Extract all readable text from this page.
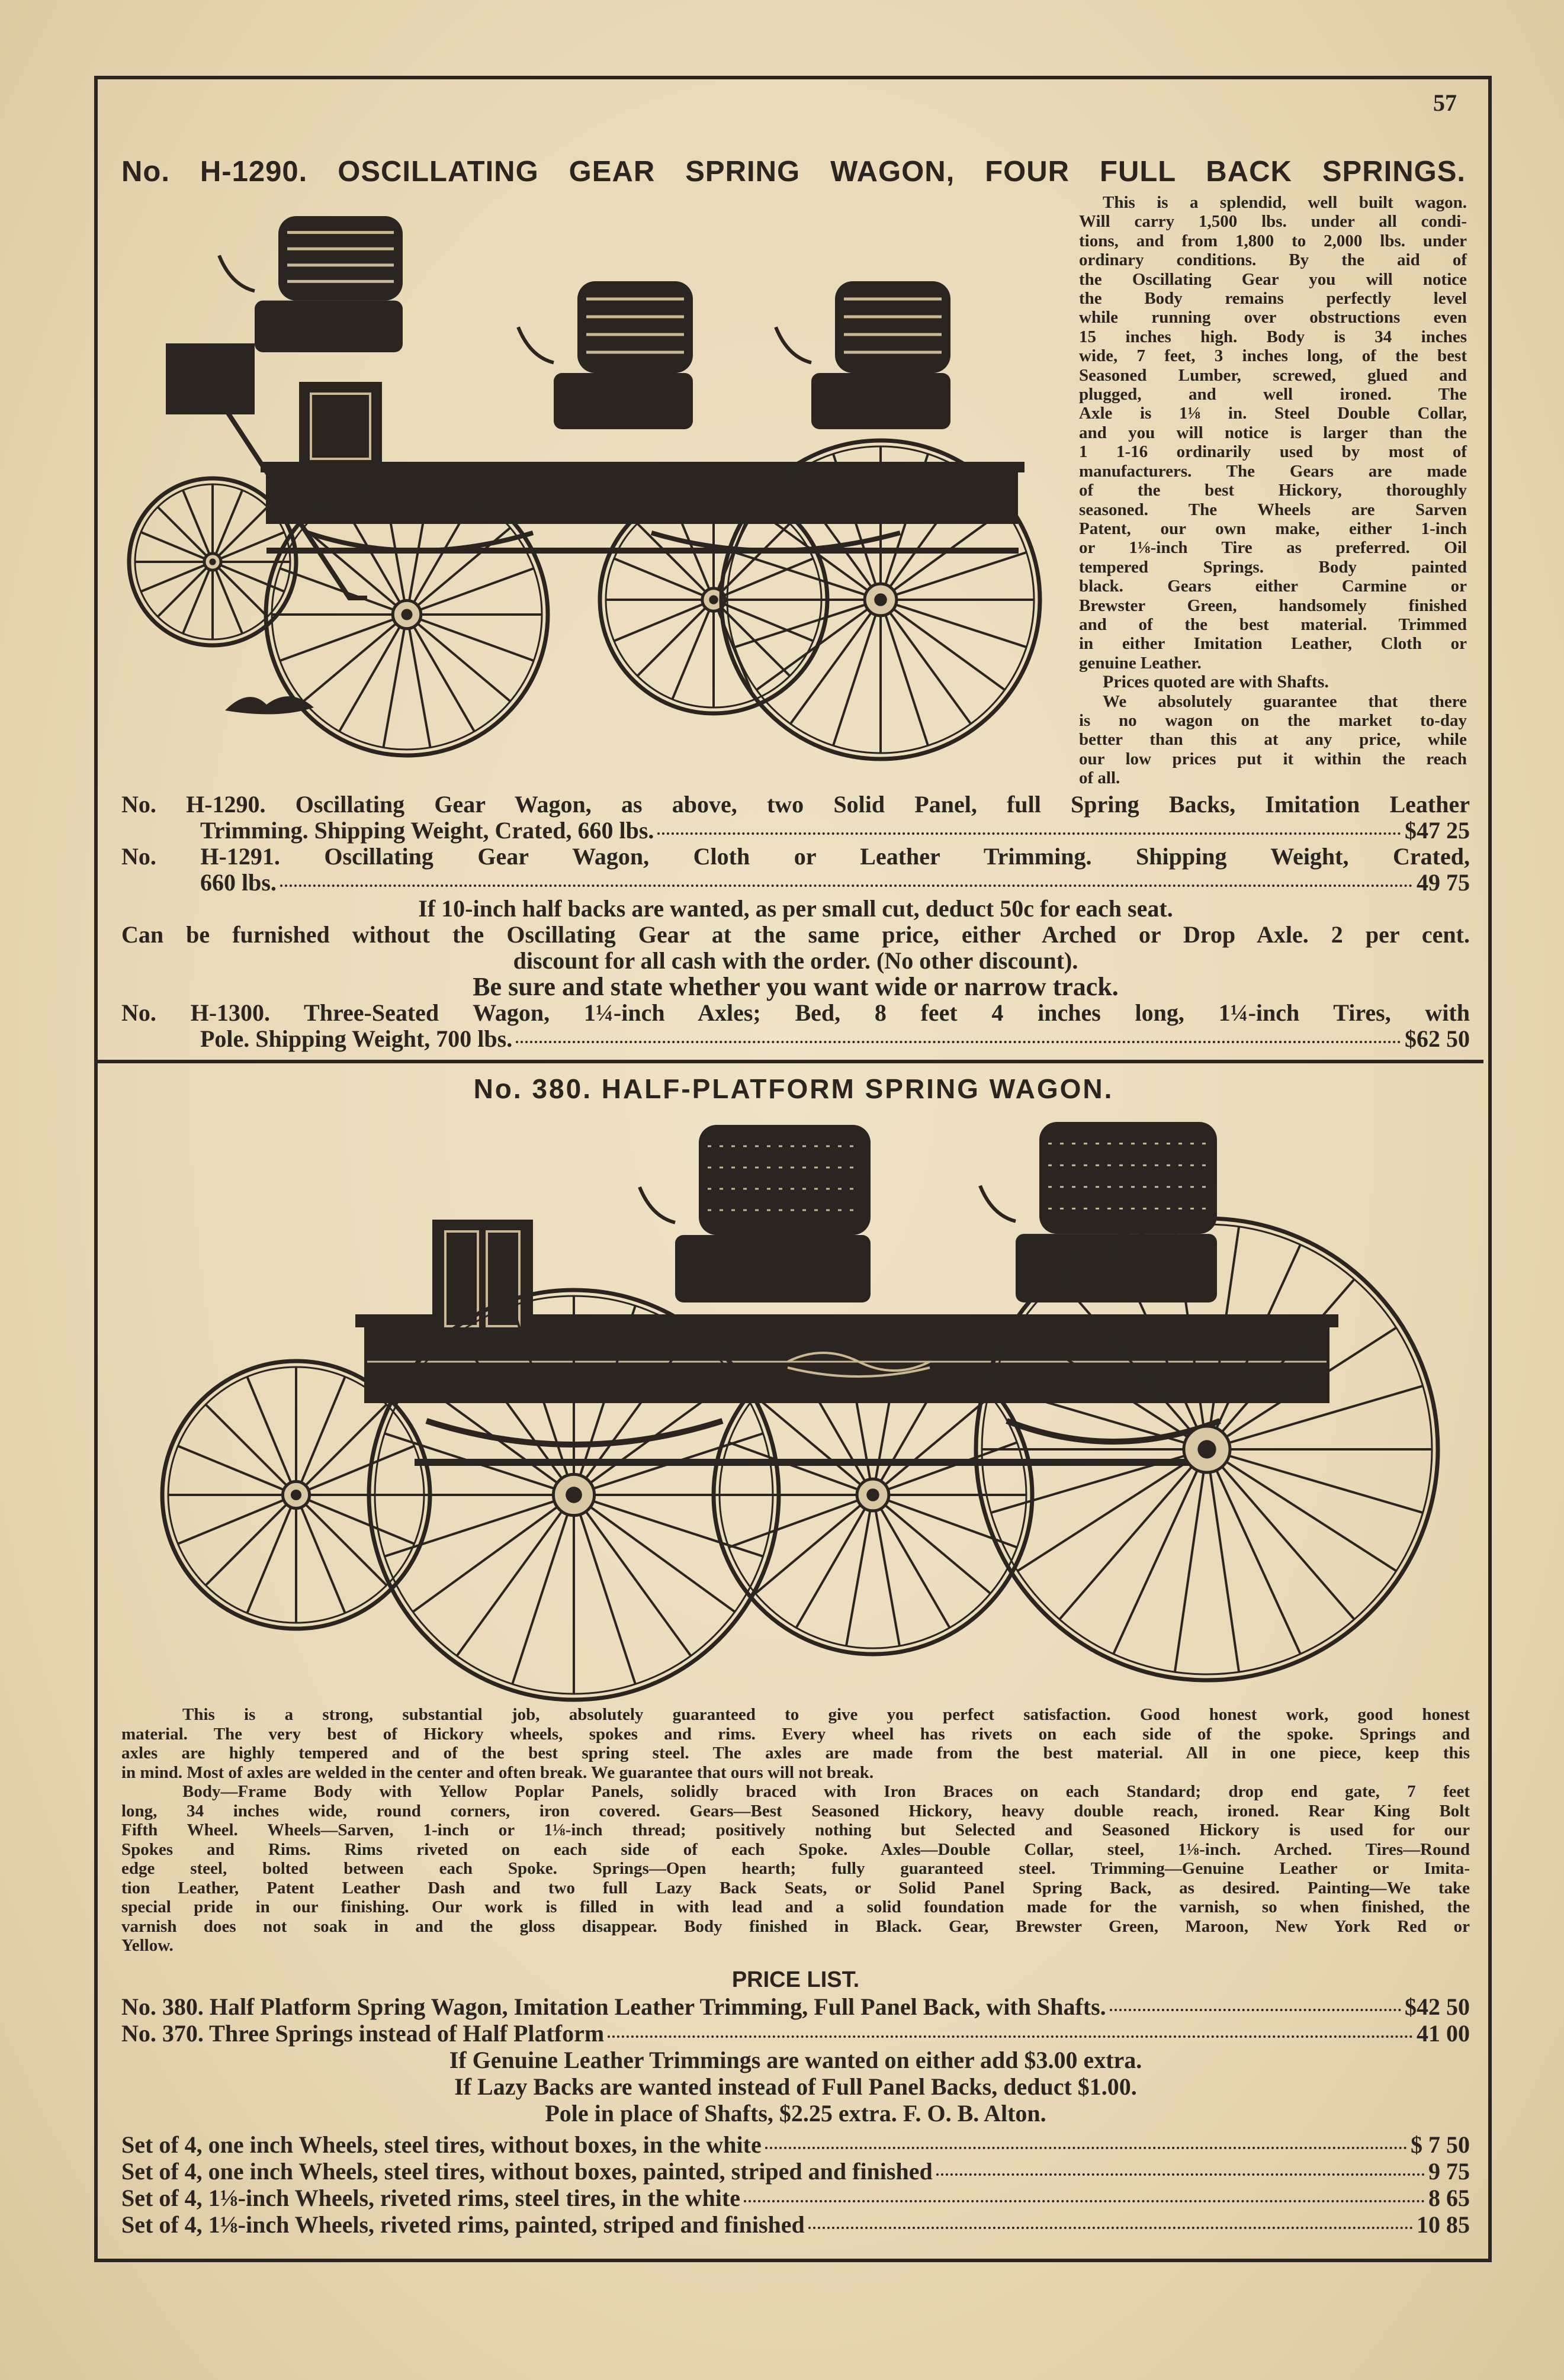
57
No. H-1290. OSCILLATING GEAR SPRING WAGON, FOUR FULL BACK SPRINGS.
This is a splendid, well built wagon.
Will carry 1,500 lbs. under all condi-
tions, and from 1,800 to 2,000 lbs. under
ordinary conditions. By the aid of
the Oscillating Gear you will notice
the Body remains perfectly level
while running over obstructions even
15 inches high. Body is 34 inches
wide, 7 feet, 3 inches long, of the best
Seasoned Lumber, screwed, glued and
plugged, and well ironed. The
Axle is 1⅛ in. Steel Double Collar,
and you will notice is larger than the
1 1-16 ordinarily used by most of
manufacturers. The Gears are made
of the best Hickory, thoroughly
seasoned. The Wheels are Sarven
Patent, our own make, either 1-inch
or 1⅛-inch Tire as preferred. Oil
tempered Springs. Body painted
black. Gears either Carmine or
Brewster Green, handsomely finished
and of the best material. Trimmed
in either Imitation Leather, Cloth or
genuine Leather.
Prices quoted are with Shafts.
We absolutely guarantee that there
is no wagon on the market to-day
better than this at any price, while
our low prices put it within the reach
of all.
No. H-1290. Oscillating Gear Wagon, as above, two Solid Panel, full Spring Backs, Imitation Leather
Trimming. Shipping Weight, Crated, 660 lbs.	$47 25
No. H-1291. Oscillating Gear Wagon, Cloth or Leather Trimming. Shipping Weight, Crated,
660 lbs.	49 75
If 10-inch half backs are wanted, as per small cut, deduct 50c for each seat.
Can be furnished without the Oscillating Gear at the same price, either Arched or Drop Axle. 2 per cent.
discount for all cash with the order. (No other discount).
Be sure and state whether you want wide or narrow track.
No. H-1300. Three-Seated Wagon, 1¼-inch Axles; Bed, 8 feet 4 inches long, 1¼-inch Tires, with
Pole. Shipping Weight, 700 lbs.	$62 50
No. 380. HALF-PLATFORM SPRING WAGON.
This is a strong, substantial job, absolutely guaranteed to give you perfect satisfaction. Good honest work, good honest
material. The very best of Hickory wheels, spokes and rims. Every wheel has rivets on each side of the spoke. Springs and
axles are highly tempered and of the best spring steel. The axles are made from the best material. All in one piece, keep this
in mind. Most of axles are welded in the center and often break. We guarantee that ours will not break.
Body—Frame Body with Yellow Poplar Panels, solidly braced with Iron Braces on each Standard; drop end gate, 7 feet
long, 34 inches wide, round corners, iron covered. Gears—Best Seasoned Hickory, heavy double reach, ironed. Rear King Bolt
Fifth Wheel. Wheels—Sarven, 1-inch or 1⅛-inch thread; positively nothing but Selected and Seasoned Hickory is used for our
Spokes and Rims. Rims riveted on each side of each Spoke. Axles—Double Collar, steel, 1⅛-inch. Arched. Tires—Round
edge steel, bolted between each Spoke. Springs—Open hearth; fully guaranteed steel. Trimming—Genuine Leather or Imita-
tion Leather, Patent Leather Dash and two full Lazy Back Seats, or Solid Panel Spring Back, as desired. Painting—We take
special pride in our finishing. Our work is filled in with lead and a solid foundation made for the varnish, so when finished, the
varnish does not soak in and the gloss disappear. Body finished in Black. Gear, Brewster Green, Maroon, New York Red or
Yellow.
PRICE LIST.
No. 380. Half Platform Spring Wagon, Imitation Leather Trimming, Full Panel Back, with Shafts.	$42 50
No. 370. Three Springs instead of Half Platform	41 00
If Genuine Leather Trimmings are wanted on either add $3.00 extra.
If Lazy Backs are wanted instead of Full Panel Backs, deduct $1.00.
Pole in place of Shafts, $2.25 extra. F. O. B. Alton.
Set of 4, one inch Wheels, steel tires, without boxes, in the white	$ 7 50
Set of 4, one inch Wheels, steel tires, without boxes, painted, striped and finished	9 75
Set of 4, 1⅛-inch Wheels, riveted rims, steel tires, in the white	8 65
Set of 4, 1⅛-inch Wheels, riveted rims, painted, striped and finished	10 85
